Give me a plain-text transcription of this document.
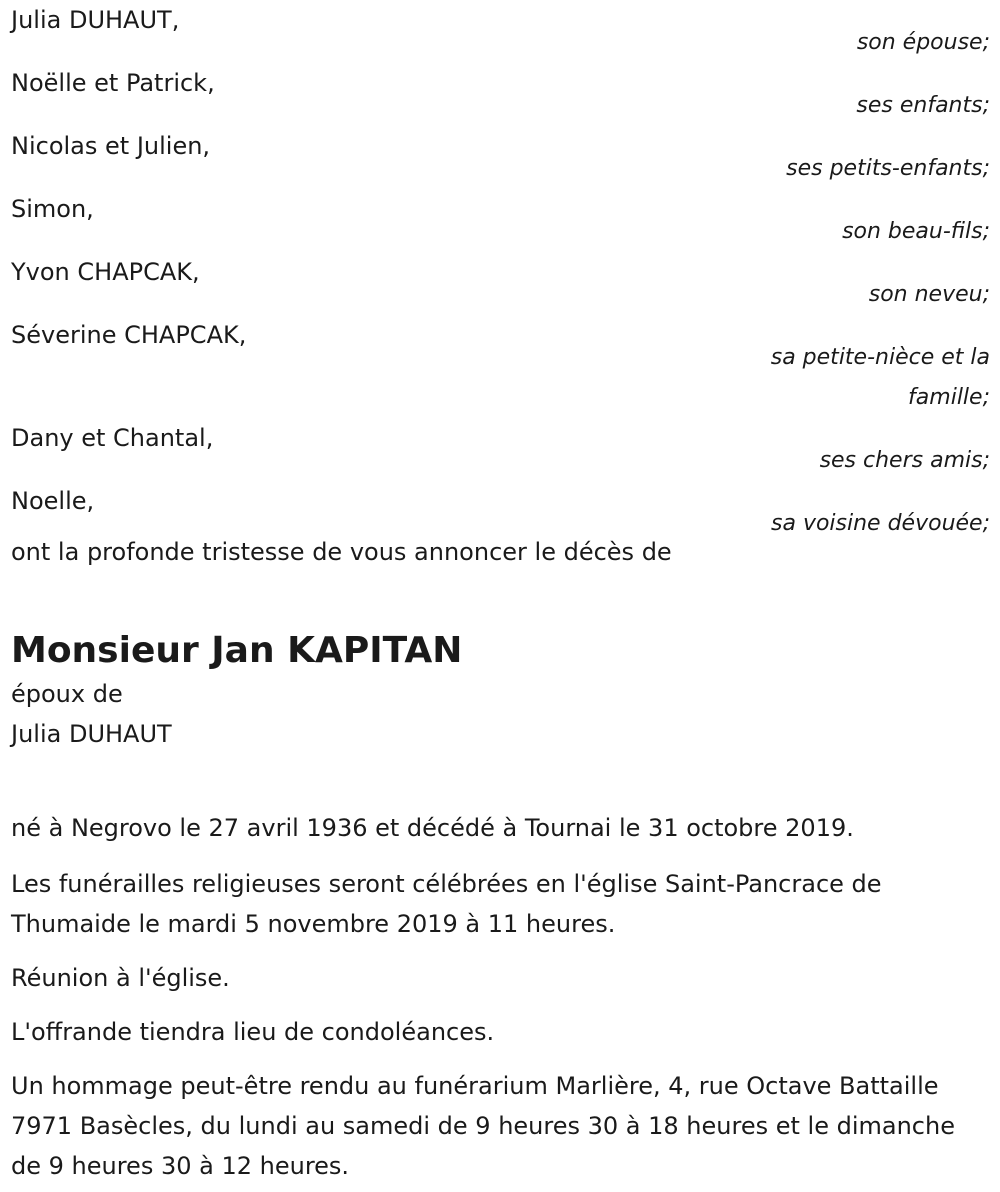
Julia DUHAUT,
son épouse;
Noëlle et Patrick,
ses enfants;
Nicolas et Julien,
ses petits-enfants;
Simon,
son beau-fils;
Yvon CHAPCAK,
son neveu;
Séverine CHAPCAK,
sa petite-nièce et la famille;
Dany et Chantal,
ses chers amis;
Noelle,
sa voisine dévouée;
ont la profonde tristesse de vous annoncer le décès de
Monsieur Jan KAPITAN
époux de
Julia DUHAUT

né à Negrovo le 27 avril 1936 et décédé à Tournai le 31 octobre 2019.

Les funérailles religieuses seront célébrées en l'église Saint-Pancrace de Thumaide le mardi 5 novembre 2019 à 11 heures.

Réunion à l'église.

L'offrande tiendra lieu de condoléances.

Un hommage peut-être rendu au funérarium Marlière, 4, rue Octave Battaille 7971 Basècles, du lundi au samedi de 9 heures 30 à 18 heures et le dimanche de 9 heures 30 à 12 heures.
